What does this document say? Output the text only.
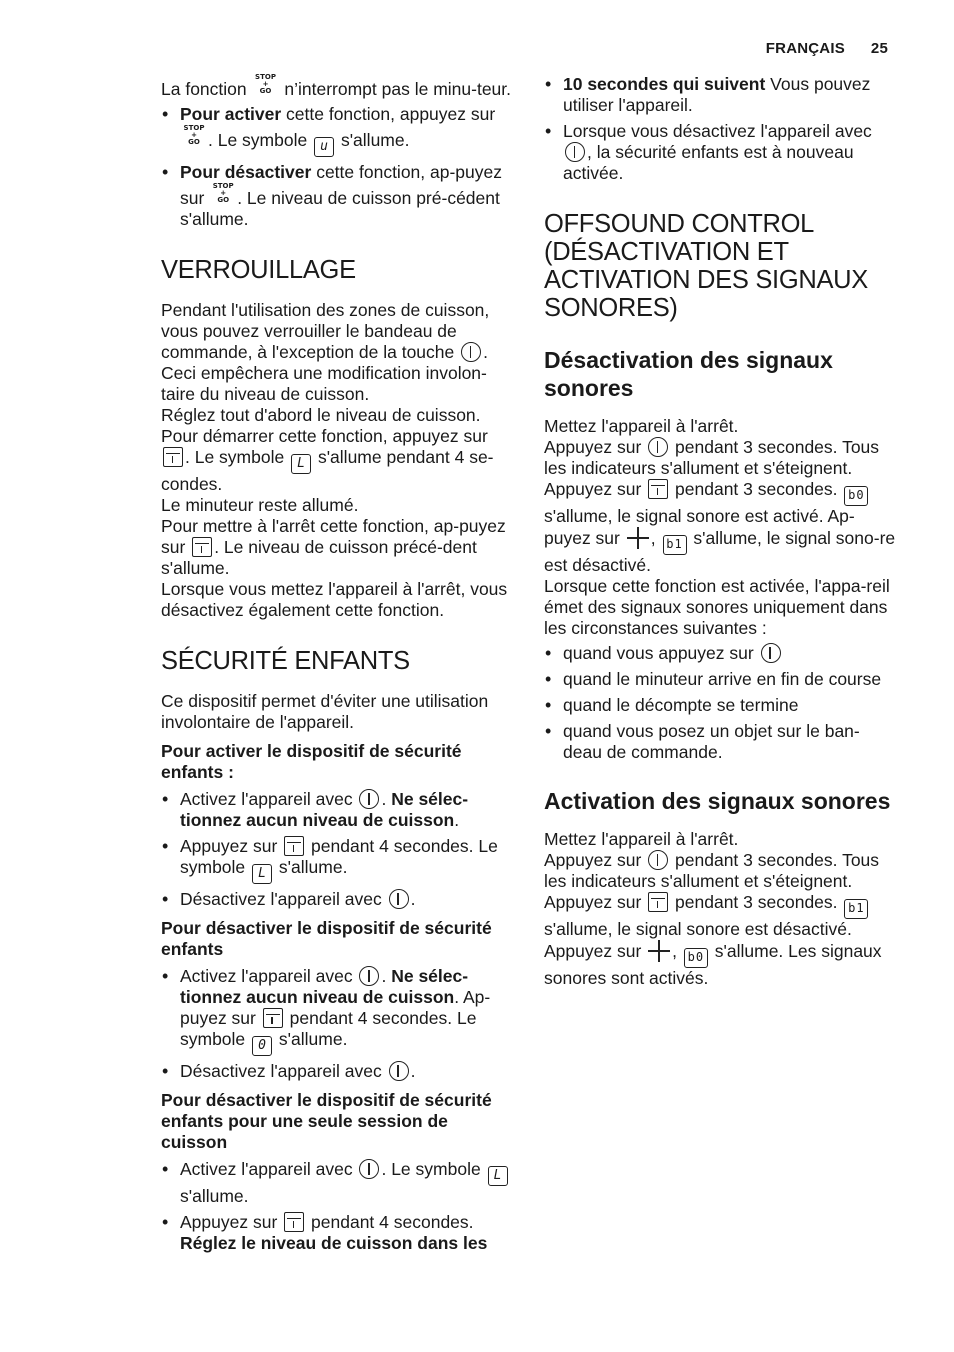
FRANÇAIS 25

La fonction STOP
+
GO n’interrompt pas le minu-teur.

• Pour activer cette fonction, appuyez sur STOP
+
GO . Le symbole u s'allume.
• Pour désactiver cette fonction, ap-puyez sur STOP
+
GO . Le niveau de cuisson pré-cédent s'allume.
VERROUILLAGE

Pendant l'utilisation des zones de cuisson, vous pouvez verrouiller le bandeau de commande, à l'exception de la touche . Ceci empêchera une modification involon-taire du niveau de cuisson.
Réglez tout d'abord le niveau de cuisson.
Pour démarrer cette fonction, appuyez sur . Le symbole L s'allume pendant 4 se-condes.
Le minuteur reste allumé.
Pour mettre à l'arrêt cette fonction, ap-puyez sur . Le niveau de cuisson précé-dent s'allume.
Lorsque vous mettez l'appareil à l'arrêt, vous désactivez également cette fonction.

SÉCURITÉ ENFANTS

Ce dispositif permet d'éviter une utilisation involontaire de l'appareil.

Pour activer le dispositif de sécurité enfants :
• Activez l'appareil avec . Ne sélec-tionnez aucun niveau de cuisson.
• Appuyez sur pendant 4 secondes. Le symbole L s'allume.
• Désactivez l'appareil avec .
Pour désactiver le dispositif de sécurité enfants
• Activez l'appareil avec . Ne sélec-tionnez aucun niveau de cuisson. Ap-puyez sur pendant 4 secondes. Le symbole 0 s'allume.
• Désactivez l'appareil avec .
Pour désactiver le dispositif de sécurité enfants pour une seule session de cuisson
• Activez l'appareil avec . Le symbole L s'allume.
• Appuyez sur pendant 4 secondes. Réglez le niveau de cuisson dans les
• 10 secondes qui suivent Vous pouvez utiliser l'appareil.
• Lorsque vous désactivez l'appareil avec , la sécurité enfants est à nouveau activée.
OFFSOUND CONTROL (DÉSACTIVATION ET ACTIVATION DES SIGNAUX SONORES)
Désactivation des signaux sonores

Mettez l'appareil à l'arrêt.
Appuyez sur pendant 3 secondes. Tous les indicateurs s'allument et s'éteignent.
Appuyez sur pendant 3 secondes. b0 s'allume, le signal sonore est activé. Ap-puyez sur , b1 s'allume, le signal sono-re est désactivé.
Lorsque cette fonction est activée, l'appa-reil émet des signaux sonores uniquement dans les circonstances suivantes :

• quand vous appuyez sur
• quand le minuteur arrive en fin de course
• quand le décompte se termine
• quand vous posez un objet sur le ban-deau de commande.
Activation des signaux sonores

Mettez l'appareil à l'arrêt.
Appuyez sur pendant 3 secondes. Tous les indicateurs s'allument et s'éteignent.
Appuyez sur pendant 3 secondes. b1 s'allume, le signal sonore est désactivé.
Appuyez sur , b0 s'allume. Les signaux sonores sont activés.
